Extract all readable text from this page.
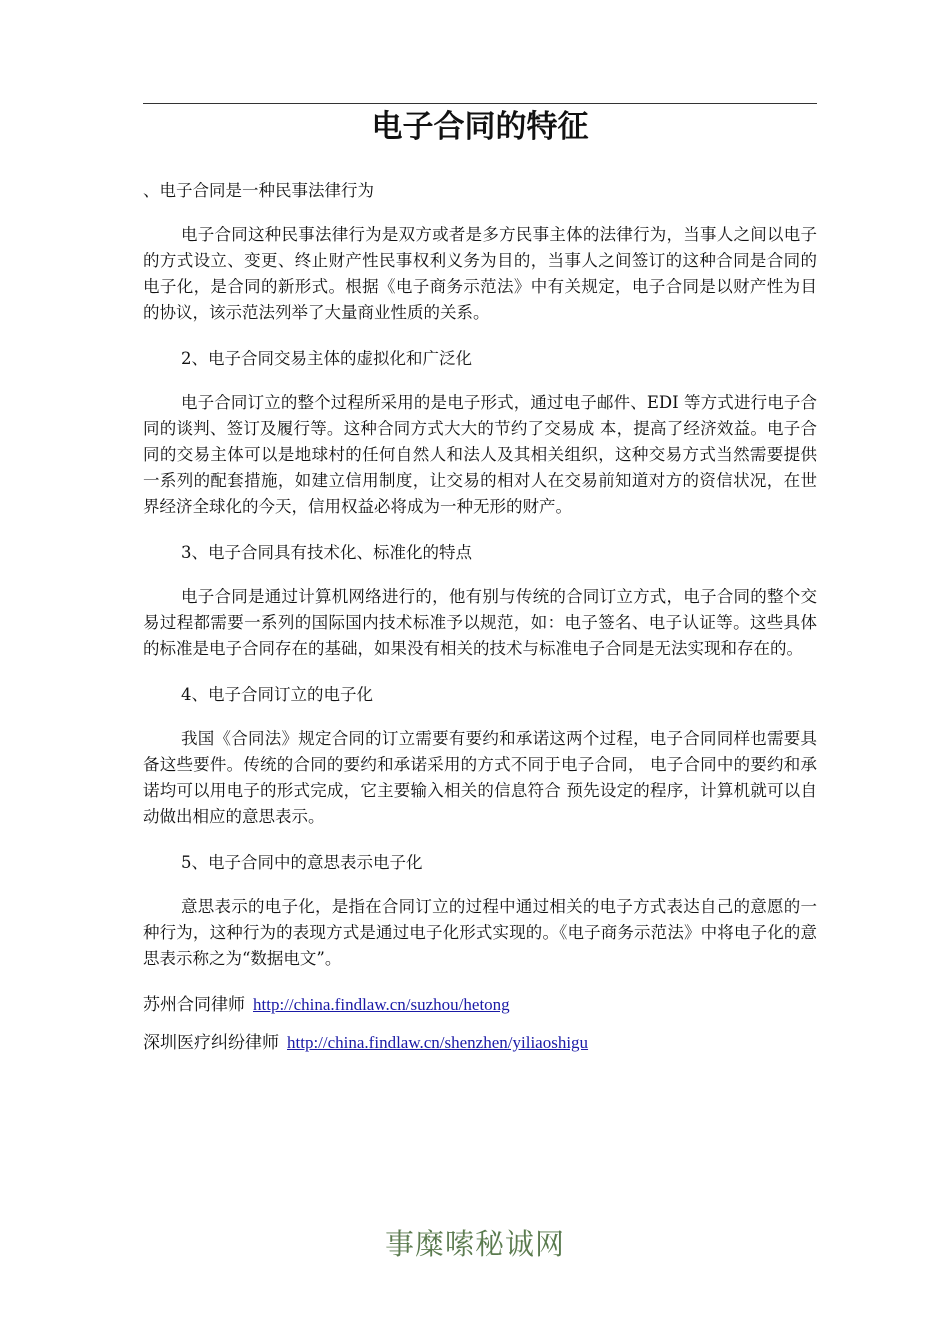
电子合同的特征

、电子合同是一种民事法律行为

电子合同这种民事法律行为是双方或者是多方民事主体的法律行为，当事人之间以电子的方式设立、变更、终止财产性民事权利义务为目的，当事人之间签订的这种合同是合同的电子化，是合同的新形式。根据《电子商务示范法》中有关规定，电子合同是以财产性为目的协议，该示范法列举了大量商业性质的关系。

2、电子合同交易主体的虚拟化和广泛化

电子合同订立的整个过程所采用的是电子形式，通过电子邮件、EDI 等方式进行电子合同的谈判、签订及履行等。这种合同方式大大的节约了交易成 本，提高了经济效益。电子合同的交易主体可以是地球村的任何自然人和法人及其相关组织，这种交易方式当然需要提供一系列的配套措施，如建立信用制度，让交易的相对人在交易前知道对方的资信状况，在世界经济全球化的今天，信用权益必将成为一种无形的财产。

3、电子合同具有技术化、标准化的特点

电子合同是通过计算机网络进行的，他有别与传统的合同订立方式，电子合同的整个交易过程都需要一系列的国际国内技术标准予以规范，如：电子签名、电子认证等。这些具体的标准是电子合同存在的基础，如果没有相关的技术与标准电子合同是无法实现和存在的。

4、电子合同订立的电子化

我国《合同法》规定合同的订立需要有要约和承诺这两个过程，电子合同同样也需要具备这些要件。传统的合同的要约和承诺采用的方式不同于电子合同， 电子合同中的要约和承诺均可以用电子的形式完成，它主要输入相关的信息符合 预先设定的程序，计算机就可以自动做出相应的意思表示。

5、电子合同中的意思表示电子化

意思表示的电子化，是指在合同订立的过程中通过相关的电子方式表达自己的意愿的一种行为，这种行为的表现方式是通过电子化形式实现的。《电子商务示范法》中将电子化的意思表示称之为“数据电文”。

苏州合同律师 http://china.findlaw.cn/suzhou/hetong

深圳医疗纠纷律师 http://china.findlaw.cn/shenzhen/yiliaoshigu

事糜嗦秘诚网
